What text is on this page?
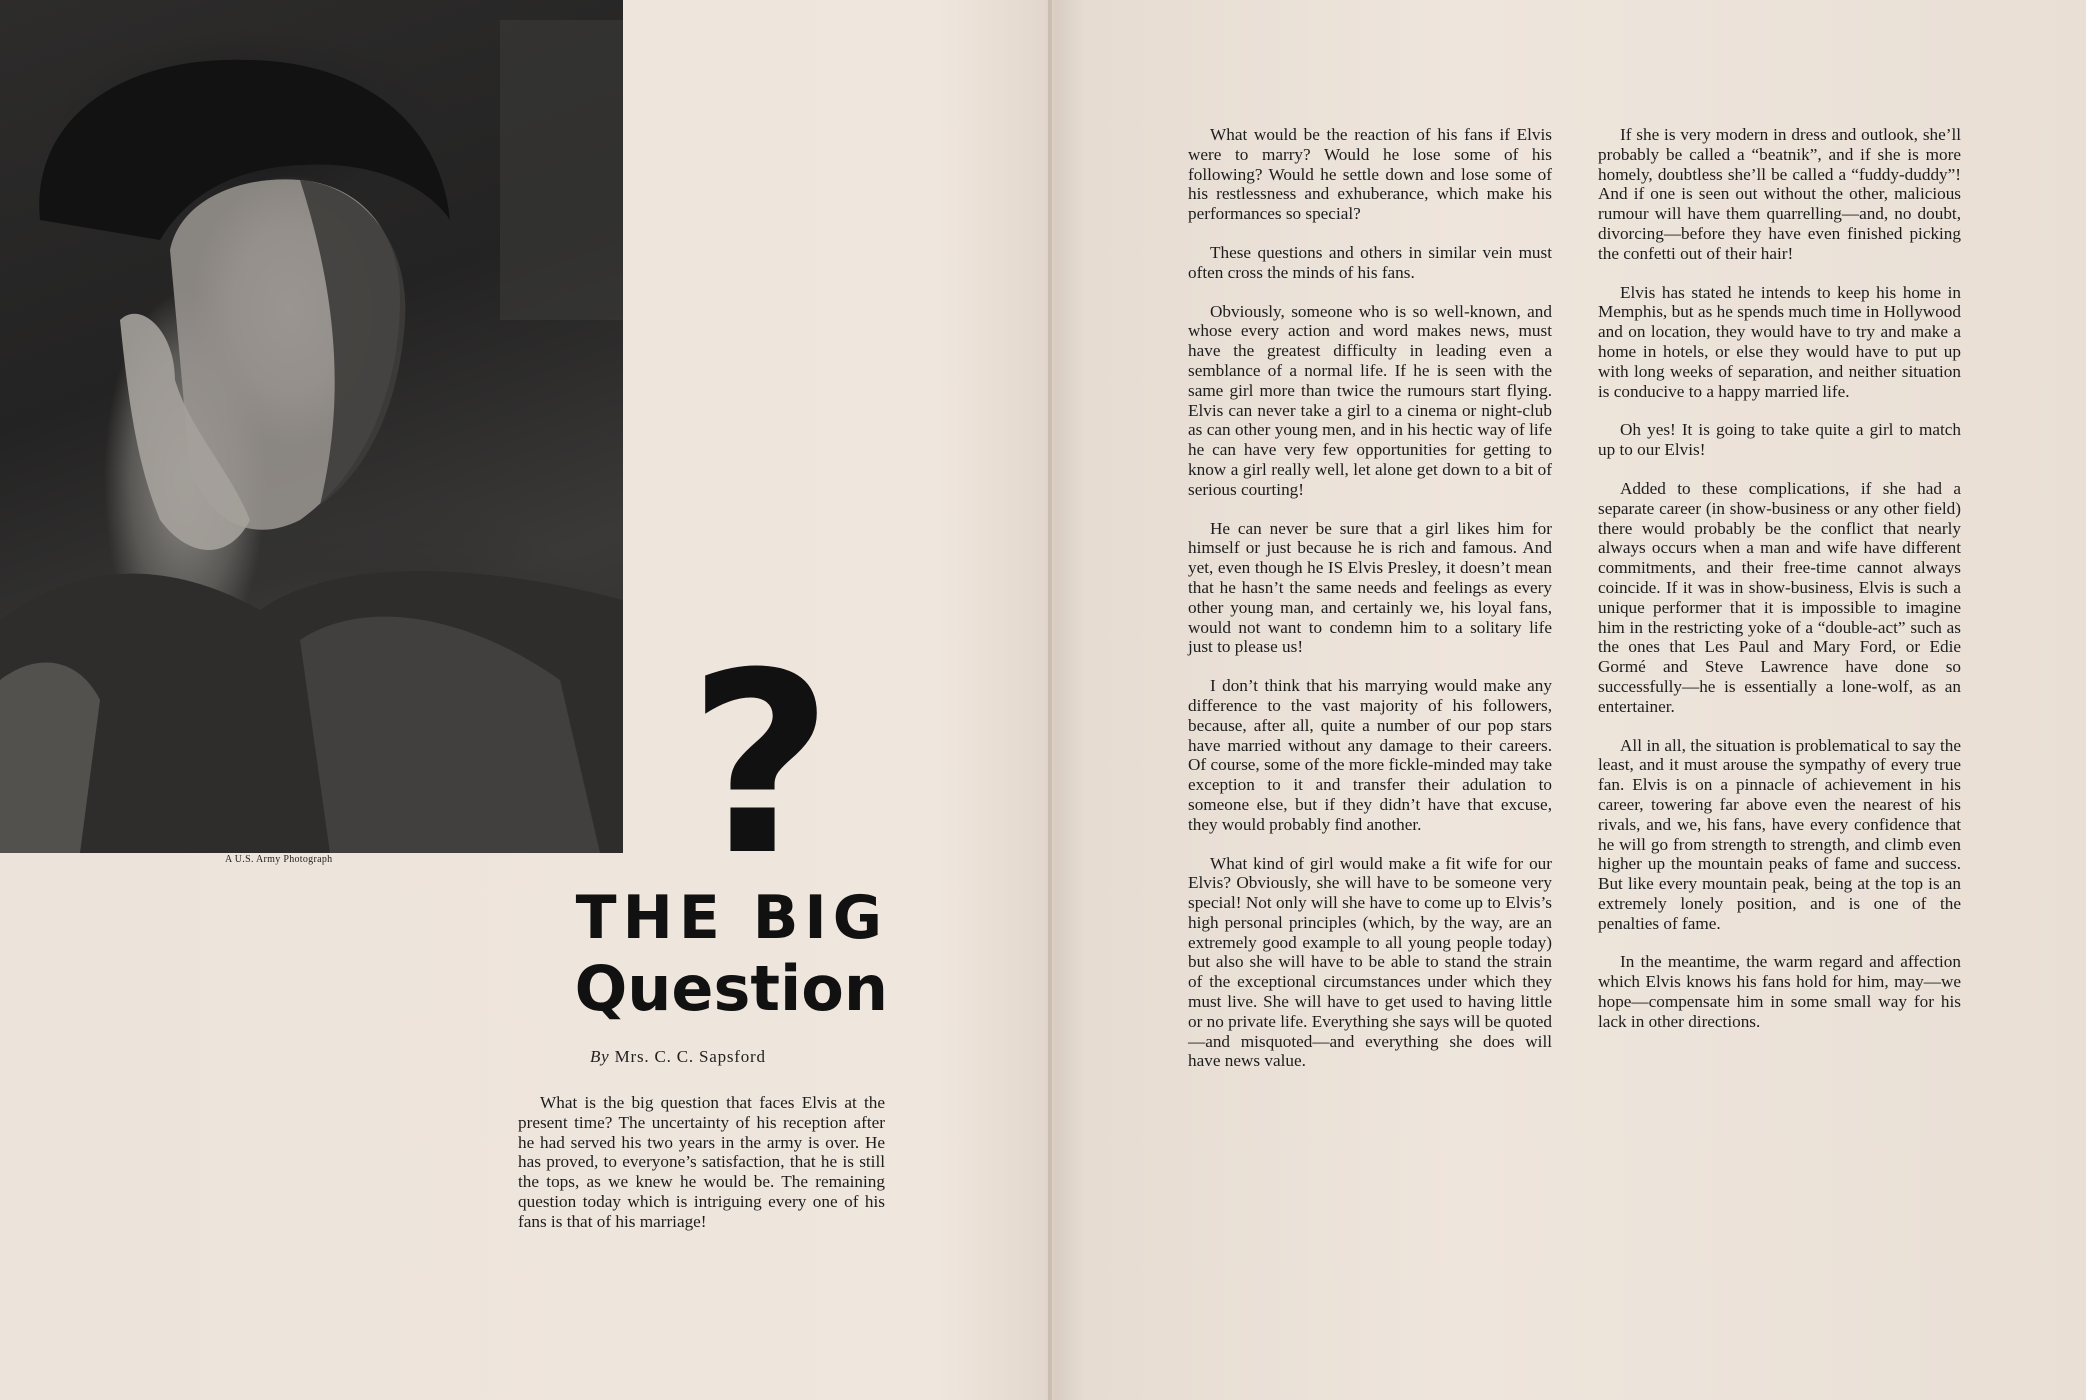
A U.S. Army Photograph ?
THE BIG
Question
By Mrs. C. C. Sapsford

What is the big question that faces Elvis at the present time? The uncertainty of his reception after he had served his two years in the army is over. He has proved, to everyone’s satisfaction, that he is still the tops, as we knew he would be. The remaining question today which is intriguing every one of his fans is that of his marriage!

What would be the reaction of his fans if Elvis were to marry? Would he lose some of his following? Would he settle down and lose some of his restlessness and exhuberance, which make his performances so special?

These questions and others in similar vein must often cross the minds of his fans.

Obviously, someone who is so well-known, and whose every action and word makes news, must have the greatest difficulty in leading even a semblance of a normal life. If he is seen with the same girl more than twice the rumours start flying. Elvis can never take a girl to a cinema or night-club as can other young men, and in his hectic way of life he can have very few opportunities for getting to know a girl really well, let alone get down to a bit of serious courting!

He can never be sure that a girl likes him for himself or just because he is rich and famous. And yet, even though he IS Elvis Presley, it doesn’t mean that he hasn’t the same needs and feelings as every other young man, and certainly we, his loyal fans, would not want to condemn him to a solitary life just to please us!

I don’t think that his marrying would make any difference to the vast majority of his followers, because, after all, quite a number of our pop stars have married without any damage to their careers. Of course, some of the more fickle-minded may take exception to it and transfer their adulation to someone else, but if they didn’t have that excuse, they would probably find another.

What kind of girl would make a fit wife for our Elvis? Obviously, she will have to be someone very special! Not only will she have to come up to Elvis’s high personal principles (which, by the way, are an extremely good example to all young people today) but also she will have to be able to stand the strain of the exceptional circumstances under which they must live. She will have to get used to having little or no private life. Everything she says will be quoted—and misquoted—and everything she does will have news value.

If she is very modern in dress and outlook, she’ll probably be called a “beatnik”, and if she is more homely, doubtless she’ll be called a “fuddy-duddy”! And if one is seen out without the other, malicious rumour will have them quarrelling—and, no doubt, divorcing—before they have even finished picking the confetti out of their hair!

Elvis has stated he intends to keep his home in Memphis, but as he spends much time in Hollywood and on location, they would have to try and make a home in hotels, or else they would have to put up with long weeks of separation, and neither situation is conducive to a happy married life.

Oh yes! It is going to take quite a girl to match up to our Elvis!

Added to these complications, if she had a separate career (in show-business or any other field) there would probably be the conflict that nearly always occurs when a man and wife have different commitments, and their free-time cannot always coincide. If it was in show-business, Elvis is such a unique performer that it is impossible to imagine him in the restricting yoke of a “double-act” such as the ones that Les Paul and Mary Ford, or Edie Gormé and Steve Lawrence have done so successfully—he is essentially a lone-wolf, as an entertainer.

All in all, the situation is problematical to say the least, and it must arouse the sympathy of every true fan. Elvis is on a pinnacle of achievement in his career, towering far above even the nearest of his rivals, and we, his fans, have every confidence that he will go from strength to strength, and climb even higher up the mountain peaks of fame and success. But like every mountain peak, being at the top is an extremely lonely position, and is one of the penalties of fame.

In the meantime, the warm regard and affection which Elvis knows his fans hold for him, may—we hope—compensate him in some small way for his lack in other directions.
